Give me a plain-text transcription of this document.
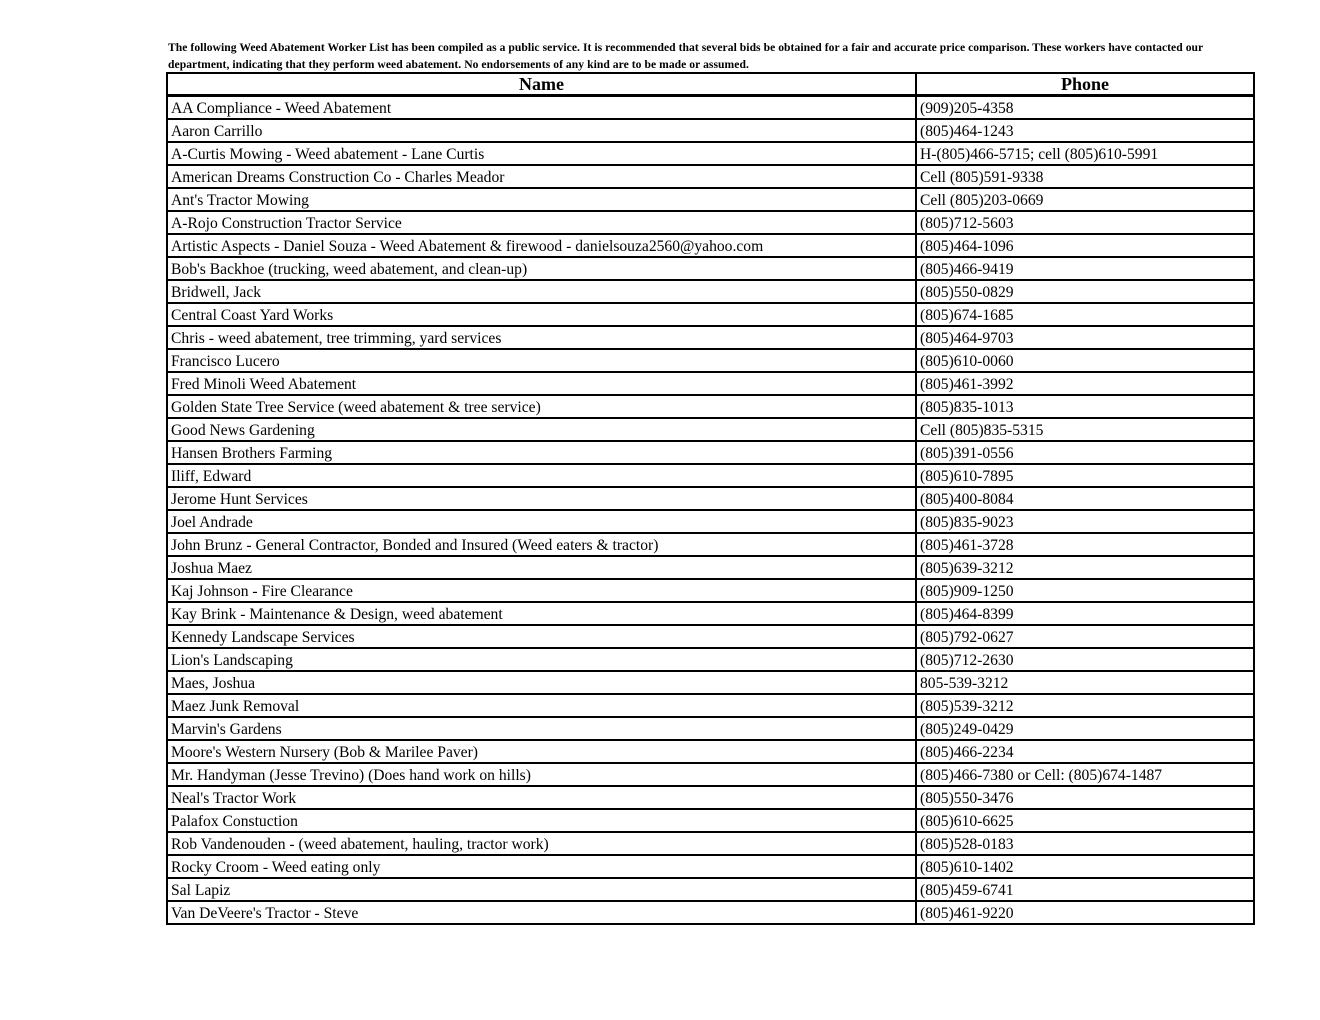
The following Weed Abatement Worker List has been compiled as a public service. It is recommended that several bids be obtained for a fair and accurate price comparison. These workers have contacted our department, indicating that they perform weed abatement. No endorsements of any kind are to be made or assumed.
Name	Phone
AA Compliance - Weed Abatement	(909)205-4358
Aaron Carrillo	(805)464-1243
A-Curtis Mowing - Weed abatement - Lane Curtis	H-(805)466-5715; cell (805)610-5991
American Dreams Construction Co - Charles Meador	Cell (805)591-9338
Ant's Tractor Mowing	Cell (805)203-0669
A-Rojo Construction Tractor Service	(805)712-5603
Artistic Aspects - Daniel Souza - Weed Abatement & firewood - danielsouza2560@yahoo.com	(805)464-1096
Bob's Backhoe (trucking, weed abatement, and clean-up)	(805)466-9419
Bridwell, Jack	(805)550-0829
Central Coast Yard Works	(805)674-1685
Chris - weed abatement, tree trimming, yard services	(805)464-9703
Francisco Lucero	(805)610-0060
Fred Minoli Weed Abatement	(805)461-3992
Golden State Tree Service (weed abatement & tree service)	(805)835-1013
Good News Gardening	Cell (805)835-5315
Hansen Brothers Farming	(805)391-0556
Iliff, Edward	(805)610-7895
Jerome Hunt Services	(805)400-8084
Joel Andrade	(805)835-9023
John Brunz - General Contractor, Bonded and Insured (Weed eaters & tractor)	(805)461-3728
Joshua Maez	(805)639-3212
Kaj Johnson - Fire Clearance	(805)909-1250
Kay Brink - Maintenance & Design, weed abatement	(805)464-8399
Kennedy Landscape Services	(805)792-0627
Lion's Landscaping	(805)712-2630
Maes, Joshua	805-539-3212
Maez Junk Removal	(805)539-3212
Marvin's Gardens	(805)249-0429
Moore's Western Nursery (Bob & Marilee Paver)	(805)466-2234
Mr. Handyman (Jesse Trevino) (Does hand work on hills)	(805)466-7380 or Cell: (805)674-1487
Neal's Tractor Work	(805)550-3476
Palafox Constuction	(805)610-6625
Rob Vandenouden - (weed abatement, hauling, tractor work)	(805)528-0183
Rocky Croom - Weed eating only	(805)610-1402
Sal Lapiz	(805)459-6741
Van DeVeere's Tractor - Steve	(805)461-9220
